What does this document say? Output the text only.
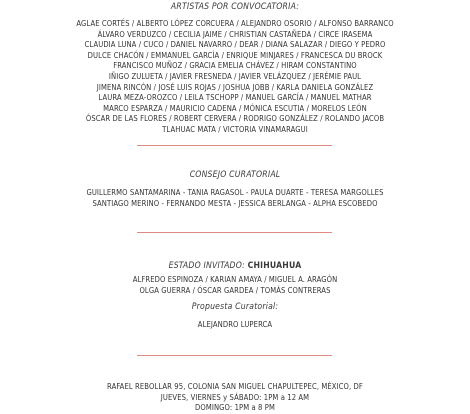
ARTISTAS POR CONVOCATORIA:
AGLAE CORTÉS / ALBERTO LÓPEZ CORCUERA / ALEJANDRO OSORIO / ALFONSO BARRANCO
ÁLVARO VERDUZCO / CECILIA JAIME / CHRISTIAN CASTAÑEDA / CIRCE IRASEMA
CLAUDIA LUNA / CUCO / DANIEL NAVARRO / DEAR / DIANA SALAZAR / DIEGO Y PEDRO
DULCE CHACÓN / EMMANUEL GARCÍA / ENRIQUE MINJARES / FRANCESCA DU BROCK
FRANCISCO MUÑOZ / GRACIA EMELIA CHÁVEZ / HIRAM CONSTANTINO
IÑIGO ZULUETA / JAVIER FRESNEDA / JAVIER VELÁZQUEZ / JERÉMIE PAUL
JIMENA RINCÓN / JOSÉ LUIS ROJAS / JOSHUA JOBB / KARLA DANIELA GONZÁLEZ
LAURA MEZA-OROZCO / LEILA TSCHOPP / MANUEL GARCÍA / MANUEL MATHAR
MARCO ESPARZA / MAURICIO CADENA / MÓNICA ESCUTIA / MORELOS LEÓN
ÓSCAR DE LAS FLORES / ROBERT CERVERA / RODRIGO GONZÁLEZ / ROLANDO JACOB
TLAHUAC MATA / VICTORIA VINAMARAGUI
CONSEJO CURATORIAL
GUILLERMO SANTAMARINA - TANIA RAGASOL - PAULA DUARTE - TERESA MARGOLLES
SANTIAGO MERINO - FERNANDO MESTA - JESSICA BERLANGA - ALPHA ESCOBEDO
ESTADO INVITADO: CHIHUAHUA
ALFREDO ESPINOZA / KARIAN AMAYA / MIGUEL A. ARAGÓN
OLGA GUERRA / ÓSCAR GARDEA / TOMÁS CONTRERAS
Propuesta Curatorial:
ALEJANDRO LUPERCA
RAFAEL REBOLLAR 95, COLONIA SAN MIGUEL CHAPULTEPEC, MÉXICO, DF
JUEVES, VIERNES y SÁBADO: 1PM a 12 AM
DOMINGO: 1PM a 8 PM
